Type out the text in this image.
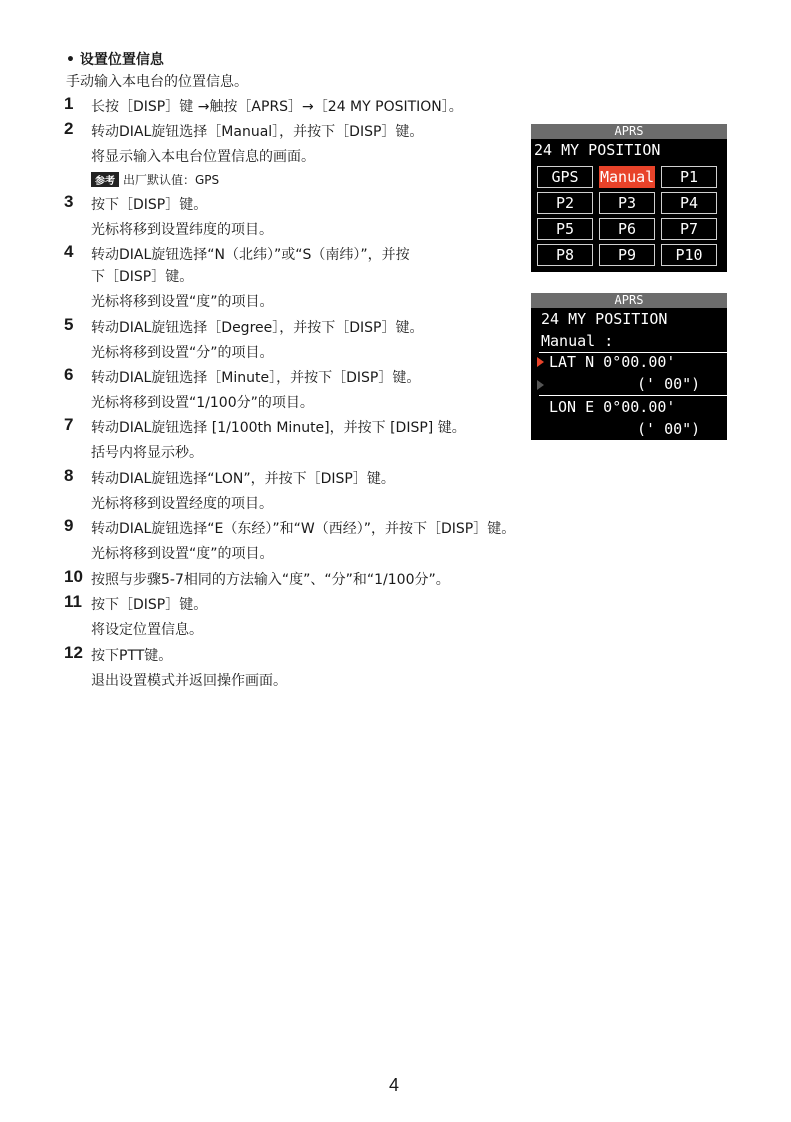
• 设置位置信息
手动输入本电台的位置信息。
1 长按［DISP］键 →触按［APRS］→［24 MY POSITION］。
2 转动DIAL旋钮选择［Manual］，并按下［DISP］键。
将显示输入本电台位置信息的画面。
参考 出厂默认值：GPS
3 按下［DISP］键。
光标将移到设置纬度的项目。
4 转动DIAL旋钮选择“N（北纬）”或“S（南纬）”，并按
下［DISP］键。
光标将移到设置“度”的项目。
5 转动DIAL旋钮选择［Degree］，并按下［DISP］键。
光标将移到设置“分”的项目。
6 转动DIAL旋钮选择［Minute］，并按下［DISP］键。
光标将移到设置“1/100分”的项目。
7 转动DIAL旋钮选择 [1/100th Minute]，并按下 [DISP] 键。
括号内将显示秒。
8 转动DIAL旋钮选择“LON”，并按下［DISP］键。
光标将移到设置经度的项目。
9 转动DIAL旋钮选择“E（东经）”和“W（西经）”，并按下［DISP］键。
光标将移到设置“度”的项目。
10 按照与步骤5-7相同的方法输入“度”、“分”和“1/100分”。
11 按下［DISP］键。
将设定位置信息。
12 按下PTT键。
退出设置模式并返回操作画面。
APRS
24 MY POSITION
GPS	Manual	P1
P2	P3	P4
P5	P6	P7
P8	P9	P10
APRS
24 MY POSITION
Manual :
LAT N 0°00.00'
(' 00")
LON E 0°00.00'
(' 00")
4
